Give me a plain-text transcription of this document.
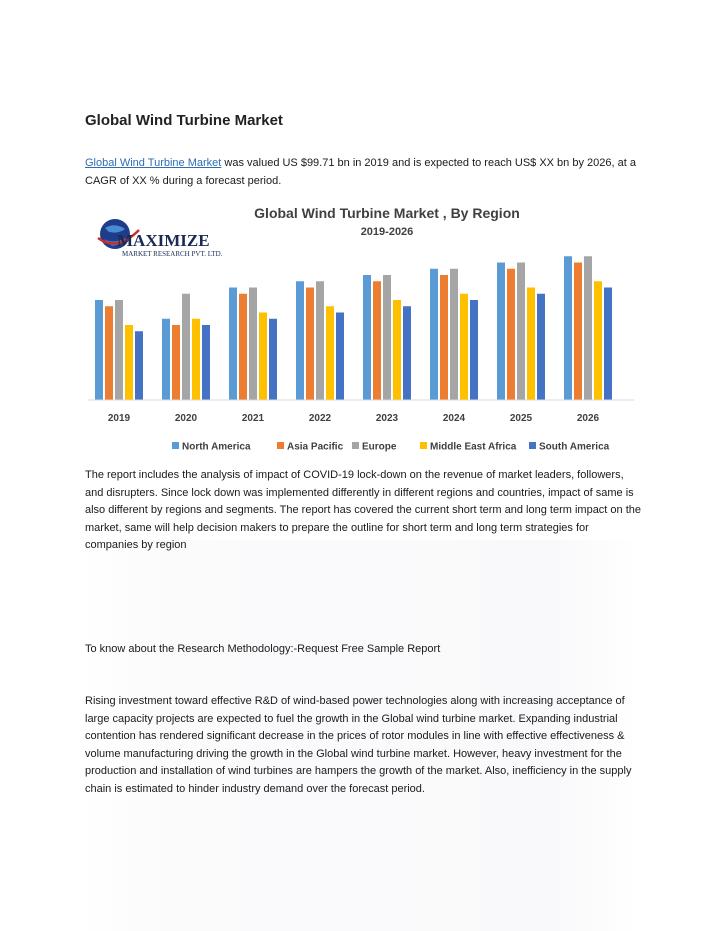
Global Wind Turbine Market

Global Wind Turbine Market was valued US $99.71 bn in 2019 and is expected to reach US$ XX bn by 2026, at a CAGR of XX % during a forecast period.

MAXIMIZE
MARKET RESEARCH PVT. LTD.
Global Wind Turbine Market , By Region
2019-2026
2019	2020	2021	2022	2023	2024	2025	2026
North America	Asia Pacific Europe	Middle East Africa South America

The report includes the analysis of impact of COVID-19 lock-down on the revenue of market leaders, followers, and disrupters. Since lock down was implemented differently in different regions and countries, impact of same is also different by regions and segments. The report has covered the current short term and long term impact on the market, same will help decision makers to prepare the outline for short term and long term strategies for companies by region

To know about the Research Methodology:-Request Free Sample Report

Rising investment toward effective R&D of wind-based power technologies along with increasing acceptance of large capacity projects are expected to fuel the growth in the Global wind turbine market. Expanding industrial contention has rendered significant decrease in the prices of rotor modules in line with effective effectiveness & volume manufacturing driving the growth in the Global wind turbine market. However, heavy investment for the production and installation of wind turbines are hampers the growth of the market. Also, inefficiency in the supply chain is estimated to hinder industry demand over the forecast period.
